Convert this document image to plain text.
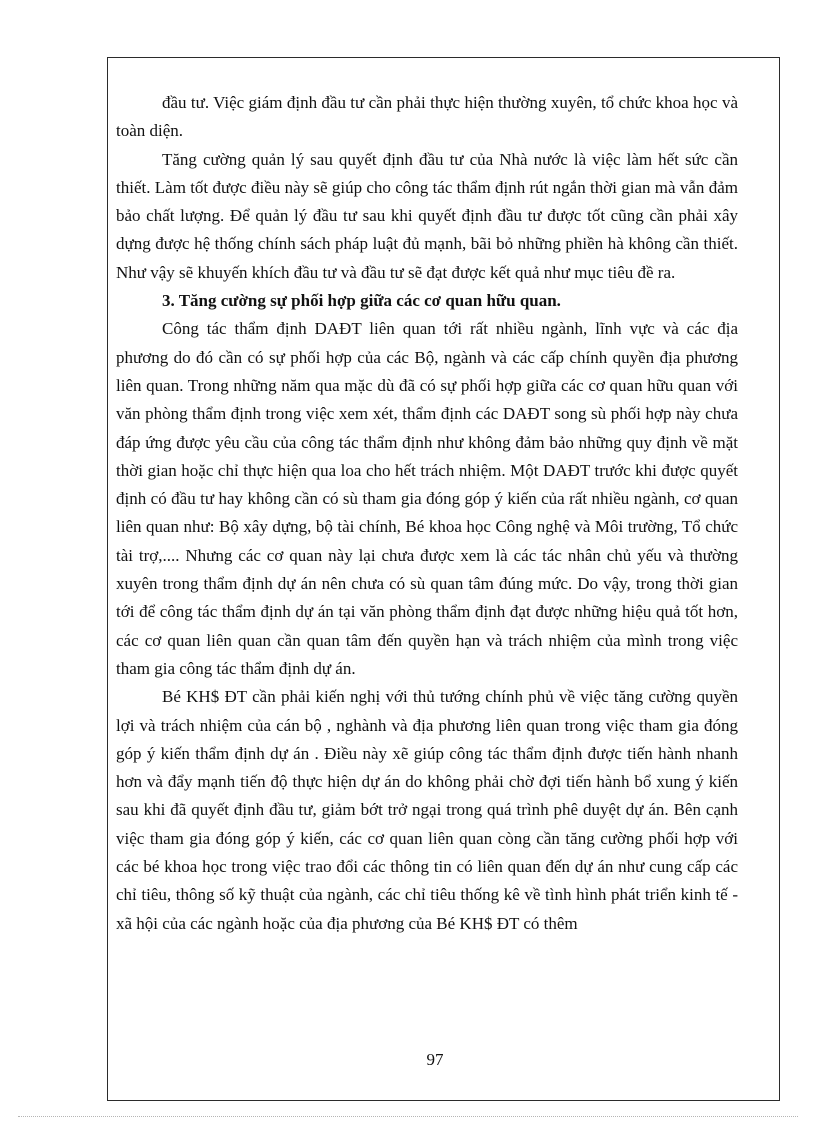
đầu tư. Việc giám định đầu tư cần phải thực hiện thường xuyên, tổ chức khoa học và toàn diện.

Tăng cường quản lý sau quyết định đầu tư của Nhà nước là việc làm hết sức cần thiết. Làm tốt được điều này sẽ giúp cho công tác thẩm định rút ngắn thời gian mà vẫn đảm bảo chất lượng. Để quản lý đầu tư sau khi quyết định đầu tư được tốt cũng cần phải xây dựng được hệ thống chính sách pháp luật đủ mạnh, bãi bỏ những phiền hà không cần thiết. Như vậy sẽ khuyến khích đầu tư và đầu tư sẽ đạt được kết quả như mục tiêu đề ra.

3. Tăng cường sự phối hợp giữa các cơ quan hữu quan.

Công tác thẩm định DAĐT liên quan tới rất nhiều ngành, lĩnh vực và các địa phương do đó cần có sự phối hợp của các Bộ, ngành và các cấp chính quyền địa phương liên quan. Trong những năm qua mặc dù đã có sự phối hợp giữa các cơ quan hữu quan với văn phòng thẩm định trong việc xem xét, thẩm định các DAĐT song sù phối hợp này chưa đáp ứng được yêu cầu của công tác thẩm định như không đảm bảo những quy định về mặt thời gian hoặc chỉ thực hiện qua loa cho hết trách nhiệm. Một DAĐT trước khi được quyết định có đầu tư hay không cần có sù tham gia đóng góp ý kiến của rất nhiều ngành, cơ quan liên quan như: Bộ xây dựng, bộ tài chính, Bé khoa học Công nghệ và Môi trường, Tổ chức tài trợ,.... Nhưng các cơ quan này lại chưa được xem là các tác nhân chủ yếu và thường xuyên trong thẩm định dự án nên chưa có sù quan tâm đúng mức. Do vậy, trong thời gian tới để công tác thẩm định dự án tại văn phòng thẩm định đạt được những hiệu quả tốt hơn, các cơ quan liên quan cần quan tâm đến quyền hạn và trách nhiệm của mình trong việc tham gia công tác thẩm định dự án.

Bé KH$ ĐT cần phải kiến nghị với thủ tướng chính phủ về việc tăng cường quyền lợi và trách nhiệm của cán bộ , nghành và địa phương liên quan trong việc tham gia đóng góp ý kiến thẩm định dự án . Điều này xẽ giúp công tác thẩm định được tiến hành nhanh hơn và đẩy mạnh tiến độ thực hiện dự án do không phải chờ đợi tiến hành bổ xung ý kiến sau khi đã quyết định đầu tư, giảm bớt trở ngại trong quá trình phê duyệt dự án. Bên cạnh việc tham gia đóng góp ý kiến, các cơ quan liên quan còng cần tăng cường phối hợp với các bé khoa học trong việc trao đổi các thông tin có liên quan đến dự án như cung cấp các chỉ tiêu, thông số kỹ thuật của ngành, các chỉ tiêu thống kê về tình hình phát triển kinh tế - xã hội của các ngành hoặc của địa phương của Bé KH$ ĐT có thêm

97
